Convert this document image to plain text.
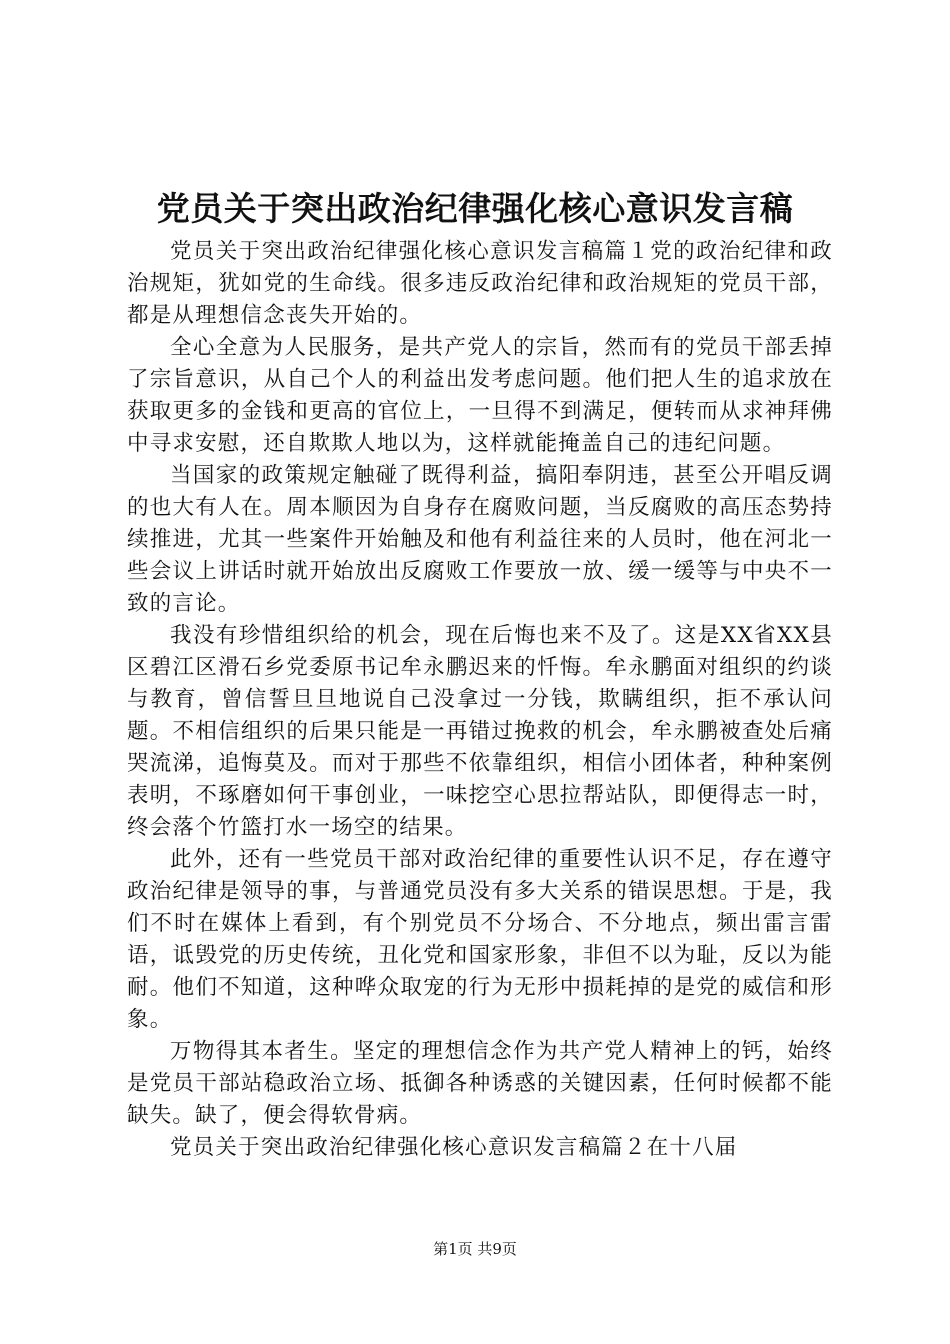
党员关于突出政治纪律强化核心意识发言稿

党员关于突出政治纪律强化核心意识发言稿篇１党的政治纪律和政治规矩，犹如党的生命线。很多违反政治纪律和政治规矩的党员干部，都是从理想信念丧失开始的。

全心全意为人民服务，是共产党人的宗旨，然而有的党员干部丢掉了宗旨意识，从自己个人的利益出发考虑问题。他们把人生的追求放在获取更多的金钱和更高的官位上，一旦得不到满足，便转而从求神拜佛中寻求安慰，还自欺欺人地以为，这样就能掩盖自己的违纪问题。

当国家的政策规定触碰了既得利益，搞阳奉阴违，甚至公开唱反调的也大有人在。周本顺因为自身存在腐败问题，当反腐败的高压态势持续推进，尤其一些案件开始触及和他有利益往来的人员时，他在河北一些会议上讲话时就开始放出反腐败工作要放一放、缓一缓等与中央不一致的言论。

我没有珍惜组织给的机会，现在后悔也来不及了。这是XX省XX县区碧江区滑石乡党委原书记牟永鹏迟来的忏悔。牟永鹏面对组织的约谈与教育，曾信誓旦旦地说自己没拿过一分钱，欺瞒组织，拒不承认问题。不相信组织的后果只能是一再错过挽救的机会，牟永鹏被查处后痛哭流涕，追悔莫及。而对于那些不依靠组织，相信小团体者，种种案例表明，不琢磨如何干事创业，一味挖空心思拉帮站队，即便得志一时，终会落个竹篮打水一场空的结果。

此外，还有一些党员干部对政治纪律的重要性认识不足，存在遵守政治纪律是领导的事，与普通党员没有多大关系的错误思想。于是，我们不时在媒体上看到，有个别党员不分场合、不分地点，频出雷言雷语，诋毁党的历史传统，丑化党和国家形象，非但不以为耻，反以为能耐。他们不知道，这种哗众取宠的行为无形中损耗掉的是党的威信和形象。

万物得其本者生。坚定的理想信念作为共产党人精神上的钙，始终是党员干部站稳政治立场、抵御各种诱惑的关键因素，任何时候都不能缺失。缺了，便会得软骨病。

党员关于突出政治纪律强化核心意识发言稿篇２在十八届

第1页 共9页
